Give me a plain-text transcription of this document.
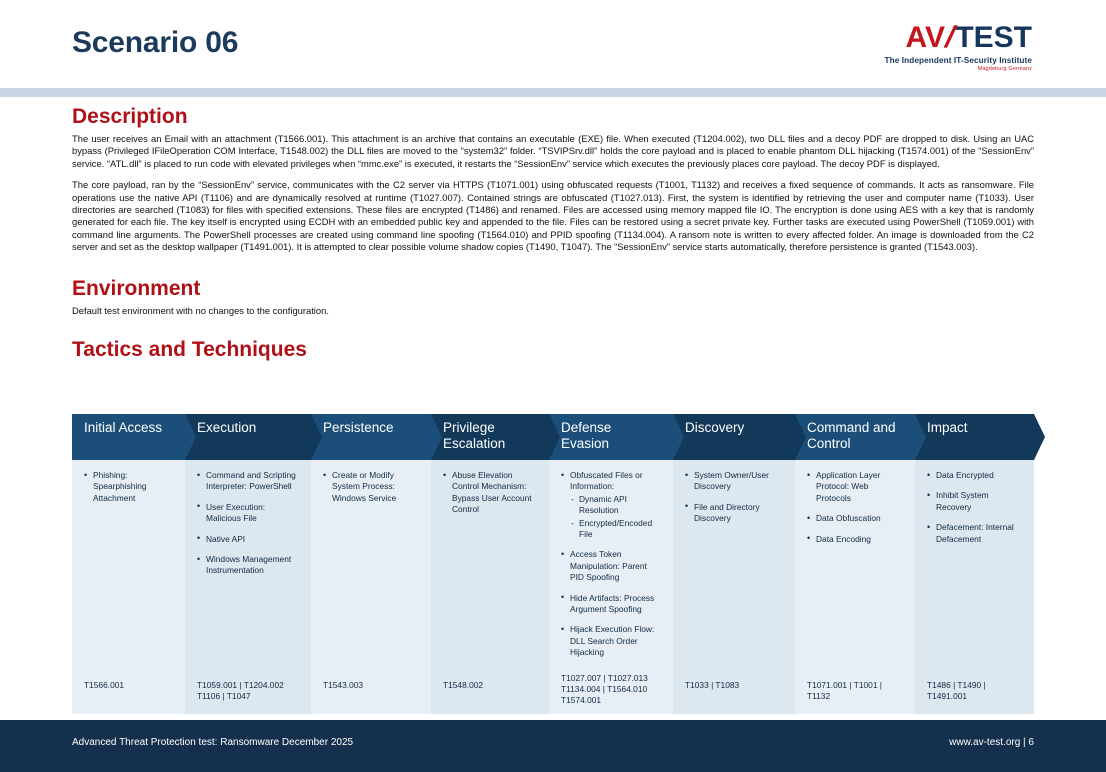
Scenario 06	AV/TEST
The Independent IT-Security Institute
Magdeburg Germany
Description

The user receives an Email with an attachment (T1566.001). This attachment is an archive that contains an executable (EXE) file. When executed (T1204.002), two DLL files and a decoy PDF are dropped to disk. Using an UAC bypass (Privileged IFileOperation COM Interface, T1548.002) the DLL files are moved to the “system32” folder. “TSVIPSrv.dll” holds the core payload and is placed to enable phantom DLL hijacking (T1574.001) of the “SessionEnv” service. “ATL.dll” is placed to run code with elevated privileges when “mmc.exe” is executed, it restarts the “SessionEnv” service which executes the previously places core payload. The decoy PDF is displayed.

The core payload, ran by the “SessionEnv” service, communicates with the C2 server via HTTPS (T1071.001) using obfuscated requests (T1001, T1132) and receives a fixed sequence of commands. It acts as ransomware. File operations use the native API (T1106) and are dynamically resolved at runtime (T1027.007). Contained strings are obfuscated (T1027.013). First, the system is identified by retrieving the user and computer name (T1033). User directories are searched (T1083) for files with specified extensions. These files are encrypted (T1486) and renamed. Files are accessed using memory mapped file IO. The encryption is done using AES with a key that is randomly generated for each file. The key itself is encrypted using ECDH with an embedded public key and appended to the file. Files can be restored using a secret private key. Further tasks are executed using PowerShell (T1059.001) with command line arguments. The PowerShell processes are created using command line spoofing (T1564.010) and PPID spoofing (T1134.004). A ransom note is written to every affected folder. An image is downloaded from the C2 server and set as the desktop wallpaper (T1491.001). It is attempted to clear possible volume shadow copies (T1490, T1047). The “SessionEnv” service starts automatically, therefore persistence is granted (T1543.003).

Environment
Default test environment with no changes to the configuration.
Tactics and Techniques
Initial Access
• Phishing: Spearphishing Attachment
T1566.001
Execution
• Command and Scripting Interpreter: PowerShell
• User Execution: Malicious File
• Native API
• Windows Management Instrumentation
T1059.001 | T1204.002 T1106 | T1047
Persistence
• Create or Modify System Process: Windows Service
T1543.003
Privilege Escalation
• Abuse Elevation Control Mechanism: Bypass User Account Control
T1548.002
Defense Evasion
• Obfuscated Files or Information:
- Dynamic API Resolution
- Encrypted/Encoded File
• Access Token Manipulation: Parent PID Spoofing
• Hide Artifacts: Process Argument Spoofing
• Hijack Execution Flow: DLL Search Order Hijacking
T1027.007 | T1027.013 T1134.004 | T1564.010 T1574.001
Discovery
• System Owner/User Discovery
• File and Directory Discovery
T1033 | T1083
Command and Control
• Application Layer Protocol: Web Protocols
• Data Obfuscation
• Data Encoding
T1071.001 | T1001 | T1132
Impact
• Data Encrypted
• Inhibit System Recovery
• Defacement: Internal Defacement
T1486 | T1490 | T1491.001
Advanced Threat Protection test: Ransomware December 2025	www.av-test.org | 6
